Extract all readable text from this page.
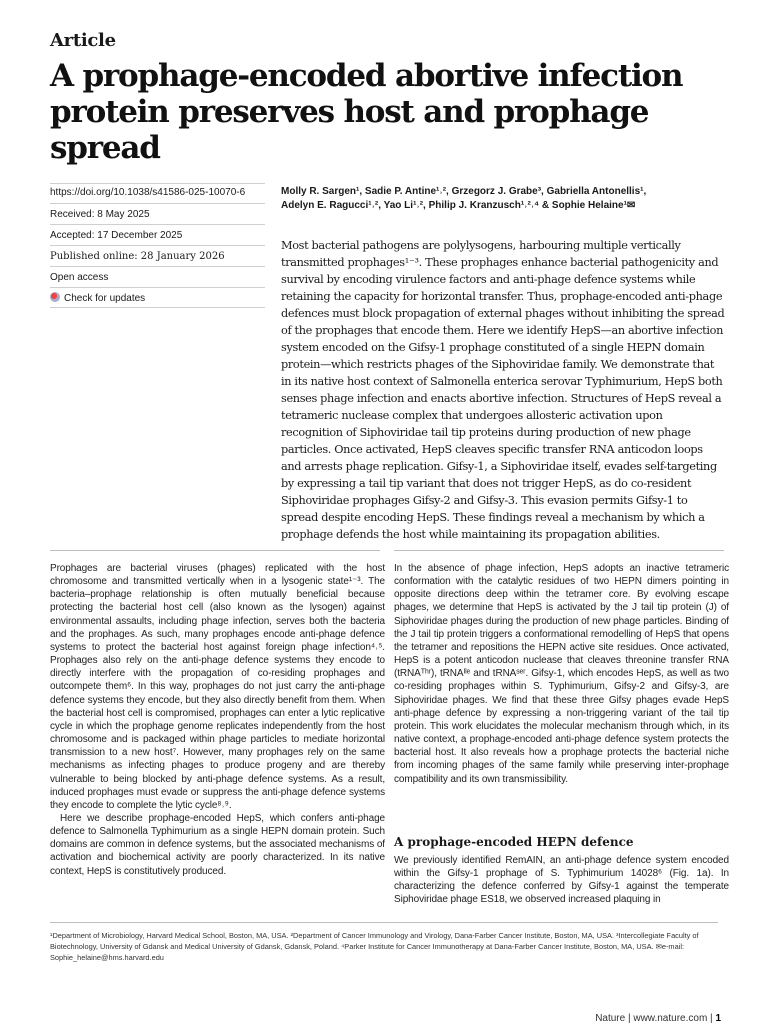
Article
A prophage-encoded abortive infection
protein preserves host and prophage spread
https://doi.org/10.1038/s41586-025-10070-6
Received: 8 May 2025
Accepted: 17 December 2025
Published online: 28 January 2026
Open access
Check for updates
Molly R. Sargen¹, Sadie P. Antine¹˒², Grzegorz J. Grabe³, Gabriella Antonellis¹,
Adelyn E. Ragucci¹˒², Yao Li¹˒², Philip J. Kranzusch¹˒²˒⁴ & Sophie Helaine¹✉
Most bacterial pathogens are polylysogens, harbouring multiple vertically transmitted prophages¹⁻³. These prophages enhance bacterial pathogenicity and survival by encoding virulence factors and anti-phage defence systems while retaining the capacity for horizontal transfer. Thus, prophage-encoded anti-phage defences must block propagation of external phages without inhibiting the spread of the prophages that encode them. Here we identify HepS—an abortive infection system encoded on the Gifsy-1 prophage constituted of a single HEPN domain protein—which restricts phages of the Siphoviridae family. We demonstrate that in its native host context of Salmonella enterica serovar Typhimurium, HepS both senses phage infection and enacts abortive infection. Structures of HepS reveal a tetrameric nuclease complex that undergoes allosteric activation upon recognition of Siphoviridae tail tip proteins during production of new phage particles. Once activated, HepS cleaves specific transfer RNA anticodon loops and arrests phage replication. Gifsy-1, a Siphoviridae itself, evades self-targeting by expressing a tail tip variant that does not trigger HepS, as do co-resident Siphoviridae prophages Gifsy-2 and Gifsy-3. This evasion permits Gifsy-1 to spread despite encoding HepS. These findings reveal a mechanism by which a prophage defends the host while maintaining its propagation abilities.

Prophages are bacterial viruses (phages) replicated with the host chromosome and transmitted vertically when in a lysogenic state¹⁻³. The bacteria–prophage relationship is often mutually beneficial because protecting the bacterial host cell (also known as the lysogen) against environmental assaults, including phage infection, serves both the bacteria and the prophages. As such, many prophages encode anti-phage defence systems to protect the bacterial host against foreign phage infection⁴˒⁵. Prophages also rely on the anti-phage defence systems they encode to directly interfere with the propagation of co-residing prophages and outcompete them⁶. In this way, prophages do not just carry the anti-phage defence systems they encode, but they also directly benefit from them. When the bacterial host cell is compromised, prophages can enter a lytic replicative cycle in which the prophage genome replicates independently from the host chromosome and is packaged within phage particles to mediate horizontal transmission to a new host⁷. However, many prophages rely on the same mechanisms as infecting phages to produce progeny and are thereby vulnerable to being blocked by anti-phage defence systems. As a result, induced prophages must evade or suppress the anti-phage defence systems they encode to complete the lytic cycle⁸˒⁹.

Here we describe prophage-encoded HepS, which confers anti-phage defence to Salmonella Typhimurium as a single HEPN domain protein. Such domains are common in defence systems, but the associated mechanisms of activation and biochemical activity are poorly characterized. In its native context, HepS is constitutively produced.

In the absence of phage infection, HepS adopts an inactive tetrameric conformation with the catalytic residues of two HEPN dimers pointing in opposite directions deep within the tetramer core. By evolving escape phages, we determine that HepS is activated by the J tail tip protein (J) of Siphoviridae phages during the production of new phage particles. Binding of the J tail tip protein triggers a conformational remodelling of HepS that opens the tetramer and repositions the HEPN active site residues. Once activated, HepS is a potent anticodon nuclease that cleaves threonine transfer RNA (tRNAᵀʰʳ), tRNAᴵˡᵉ and tRNAˢᵉʳ. Gifsy-1, which encodes HepS, as well as two co-residing prophages within S. Typhimurium, Gifsy-2 and Gifsy-3, are Siphoviridae phages. We find that these three Gifsy phages evade HepS anti-phage defence by expressing a non-triggering variant of the tail tip protein. This work elucidates the molecular mechanism through which, in its native context, a prophage-encoded anti-phage defence system protects the bacterial host. It also reveals how a prophage protects the bacterial niche from incoming phages of the same family while preserving inter-prophage compatibility and its own transmissibility.

A prophage-encoded HEPN defence

We previously identified RemAIN, an anti-phage defence system encoded within the Gifsy-1 prophage of S. Typhimurium 14028⁶ (Fig. 1a). In characterizing the defence conferred by Gifsy-1 against the temperate Siphoviridae phage ES18, we observed increased plaquing in

¹Department of Microbiology, Harvard Medical School, Boston, MA, USA. ²Department of Cancer Immunology and Virology, Dana-Farber Cancer Institute, Boston, MA, USA. ³Intercollegiate Faculty of Biotechnology, University of Gdansk and Medical University of Gdansk, Gdansk, Poland. ⁴Parker Institute for Cancer Immunotherapy at Dana-Farber Cancer Institute, Boston, MA, USA. ✉e-mail: Sophie_helaine@hms.harvard.edu
Nature | www.nature.com | 1
